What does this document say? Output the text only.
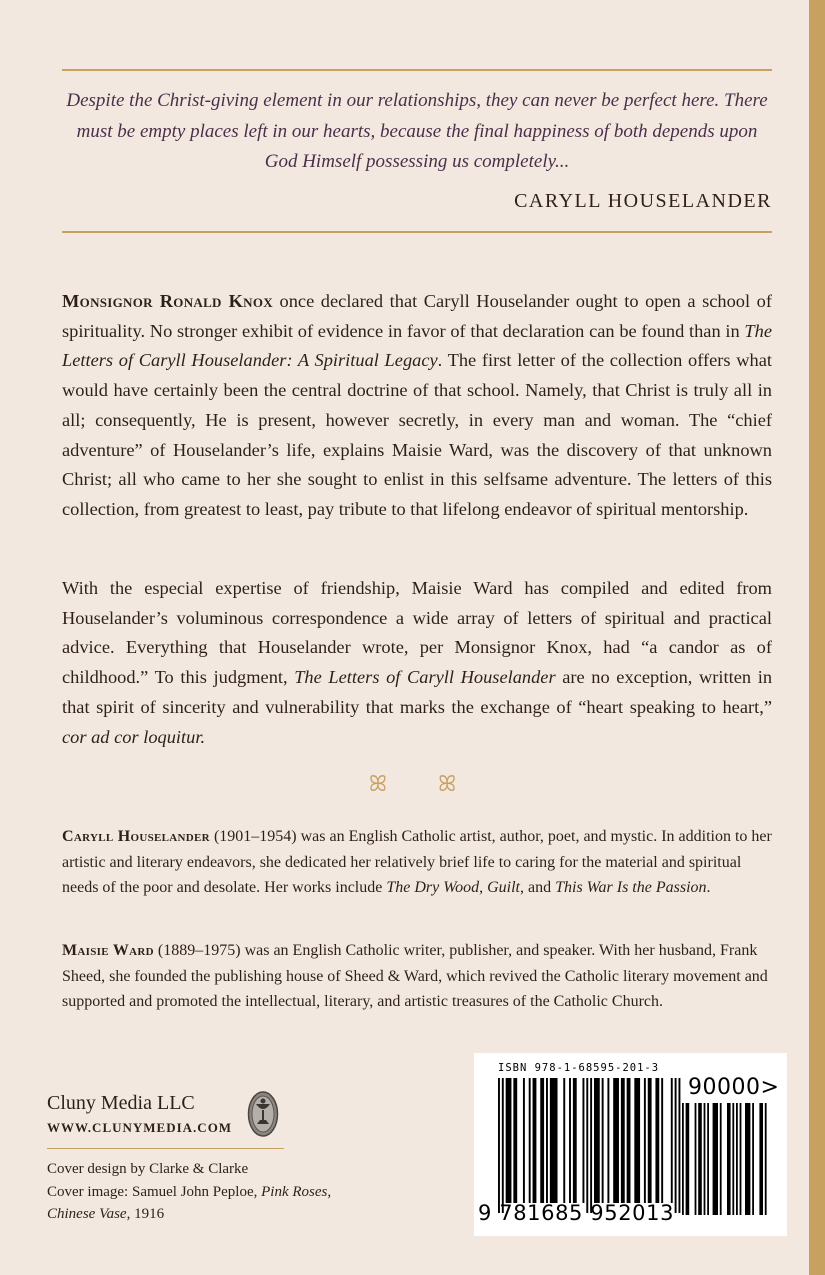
Despite the Christ-giving element in our relationships, they can never be perfect here. There must be empty places left in our hearts, because the final happiness of both depends upon God Himself possessing us completely...
CARYLL HOUSELANDER
Monsignor Ronald Knox once declared that Caryll Houselander ought to open a school of spirituality. No stronger exhibit of evidence in favor of that declaration can be found than in The Letters of Caryll Houselander: A Spiritual Legacy. The first letter of the collection offers what would have certainly been the central doctrine of that school. Namely, that Christ is truly all in all; consequently, He is present, however secretly, in every man and woman. The “chief adventure” of Houselander’s life, explains Maisie Ward, was the discovery of that unknown Christ; all who came to her she sought to enlist in this selfsame adventure. The letters of this collection, from greatest to least, pay tribute to that lifelong endeavor of spiritual mentorship.
With the especial expertise of friendship, Maisie Ward has compiled and edited from Houselander’s voluminous correspondence a wide array of letters of spiritual and practical advice. Everything that Houselander wrote, per Monsignor Knox, had “a candor as of childhood.” To this judgment, The Letters of Caryll Houselander are no exception, written in that spirit of sincerity and vulnerability that marks the exchange of “heart speaking to heart,” cor ad cor loquitur.
ꕤ ꕤ
Caryll Houselander (1901–1954) was an English Catholic artist, author, poet, and mystic. In addition to her artistic and literary endeavors, she dedicated her relatively brief life to caring for the material and spiritual needs of the poor and desolate. Her works include The Dry Wood, Guilt, and This War Is the Passion.
Maisie Ward (1889–1975) was an English Catholic writer, publisher, and speaker. With her husband, Frank Sheed, she founded the publishing house of Sheed & Ward, which revived the Catholic literary movement and supported and promoted the intellectual, literary, and artistic treasures of the Catholic Church.
Cluny Media LLC
WWW.CLUNYMEDIA.COM
Cover design by Clarke & Clarke
Cover image: Samuel John Peploe, Pink Roses, Chinese Vase, 1916
ISBN 978-1-68595-201-3
90000>
9 781685 952013
